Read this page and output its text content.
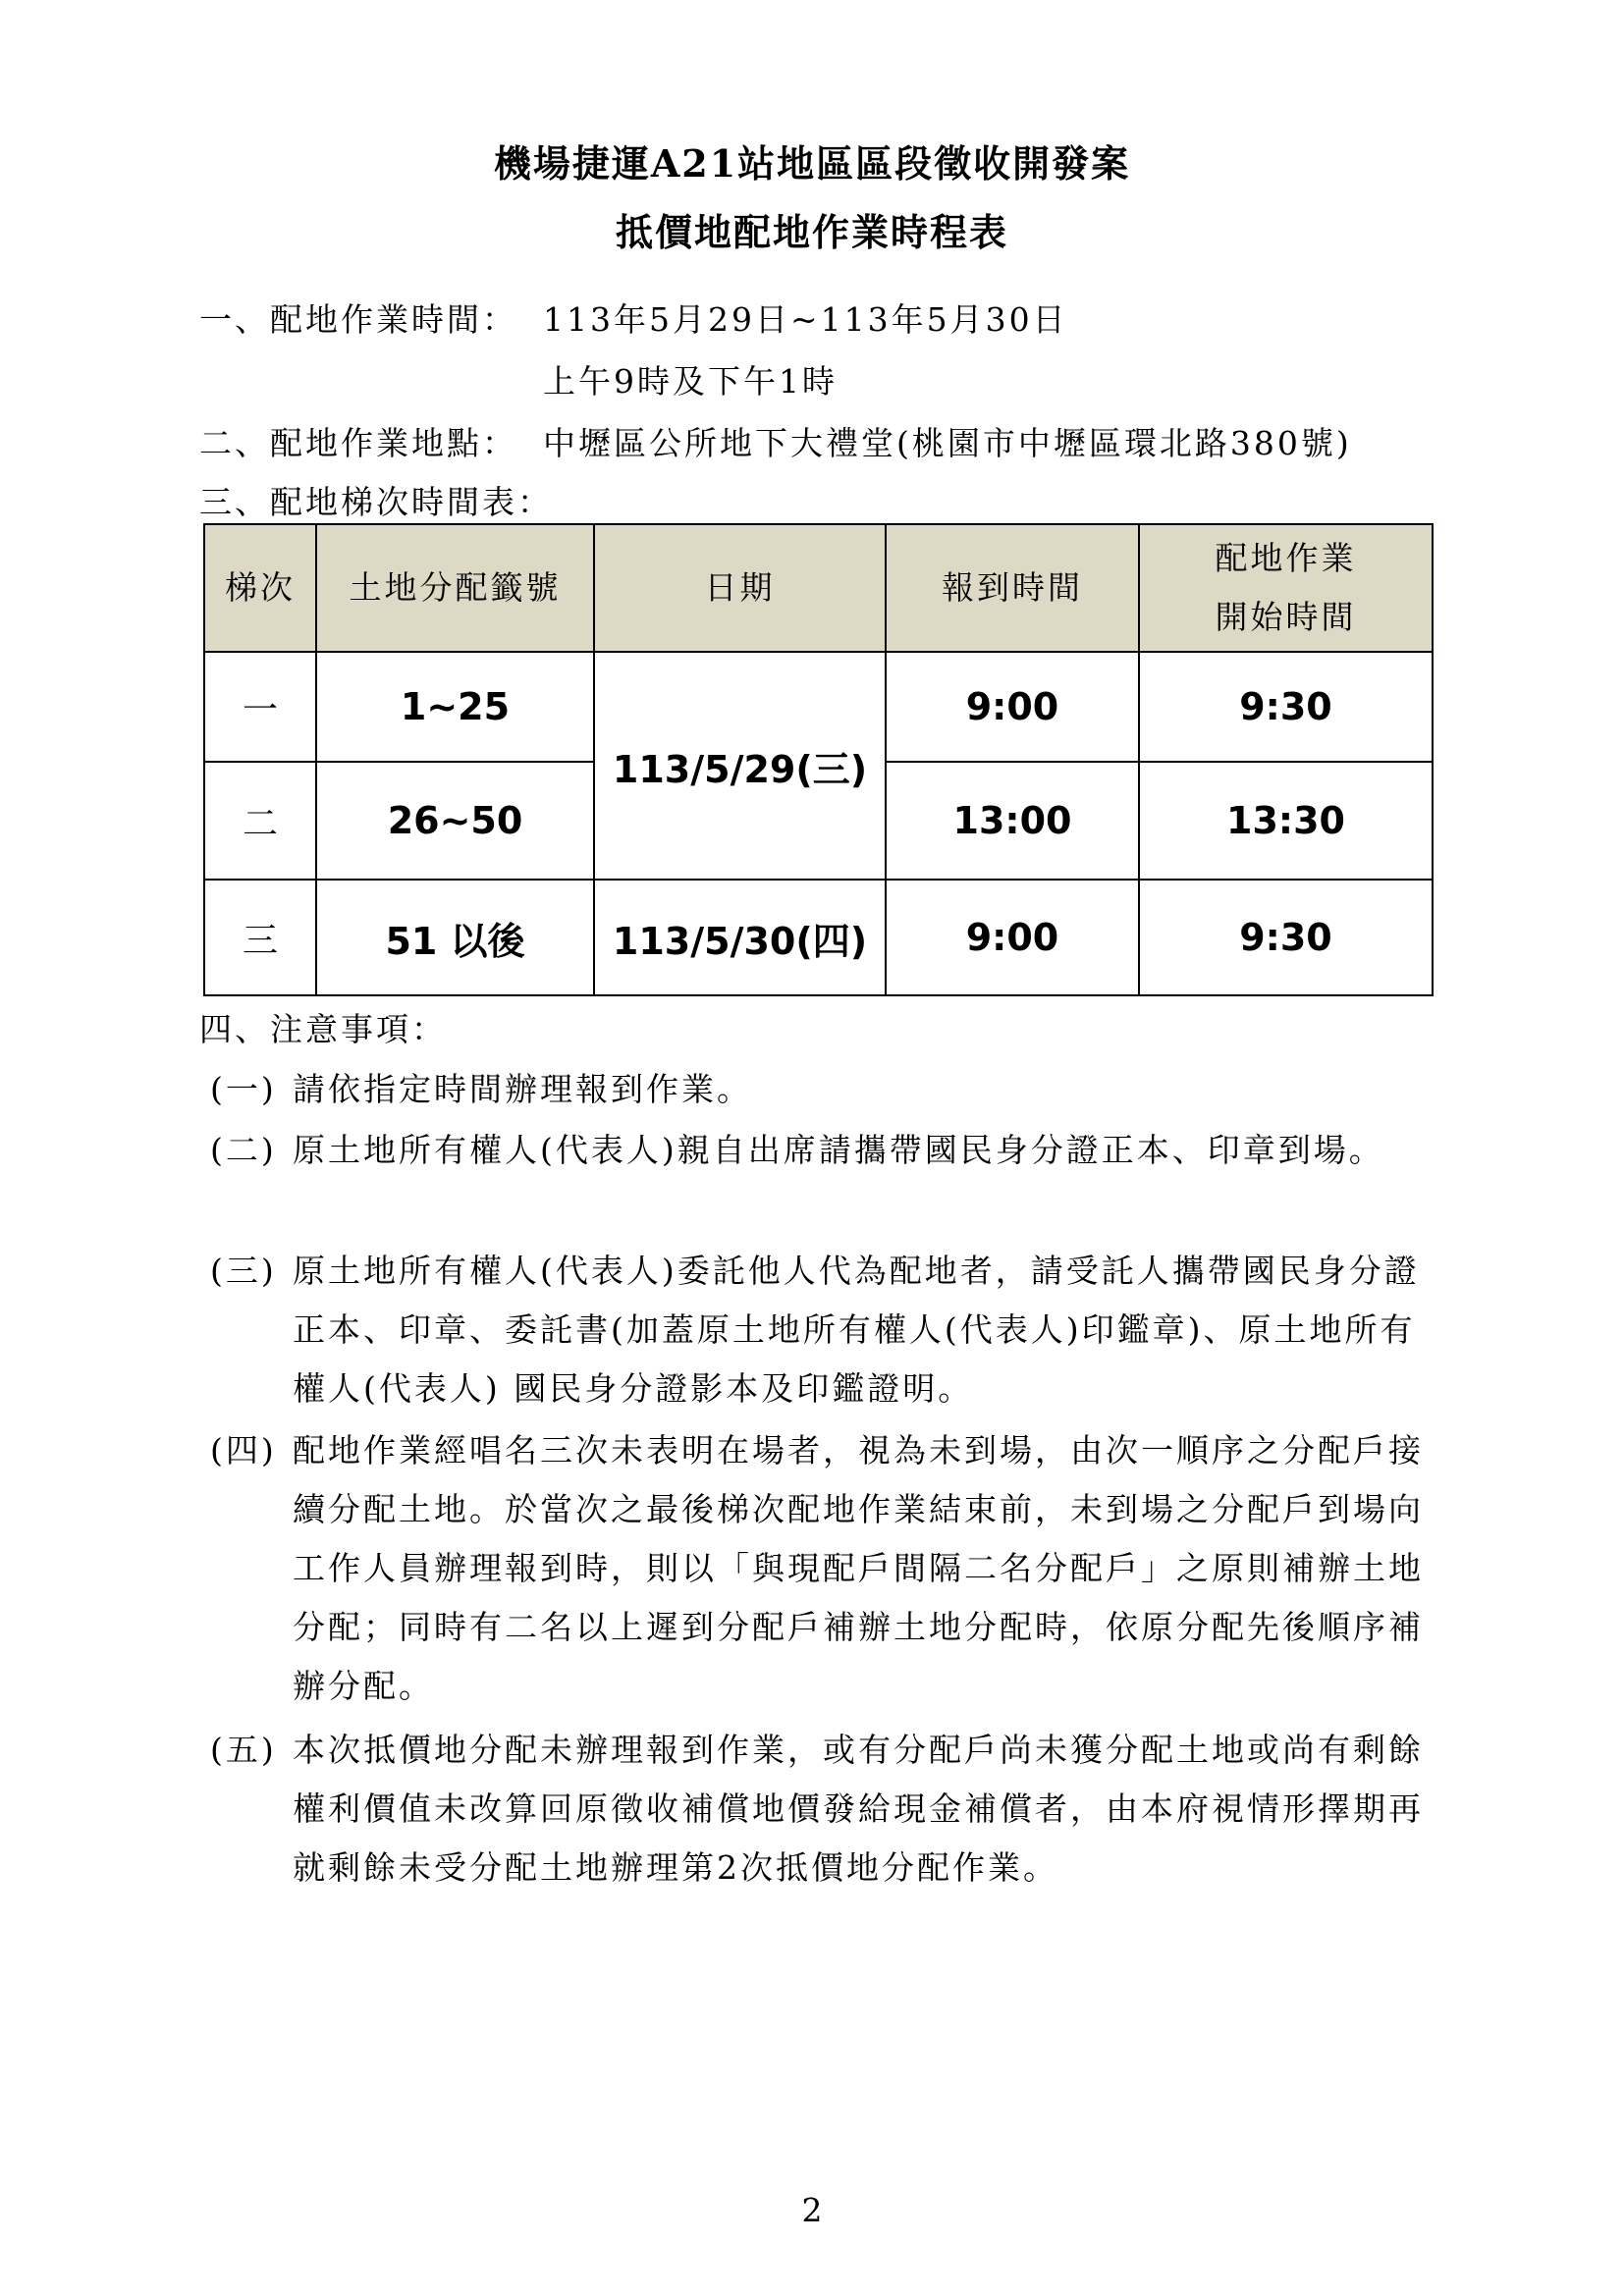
機場捷運A21站地區區段徵收開發案
抵價地配地作業時程表
一、配地作業時間： 113年5月29日~113年5月30日
上午9時及下午1時
二、配地作業地點： 中壢區公所地下大禮堂(桃園市中壢區環北路380號)
三、配地梯次時間表：
梯次	土地分配籤號	日期	報到時間	配地作業
開始時間

一	1~25	113/5/29(三)	9:00	9:30
二	26~50		13:00	13:30
三	51 以後	113/5/30(四)	9:00	9:30
四、注意事項：
(一) 請依指定時間辦理報到作業。
(二) 原土地所有權人(代表人)親自出席請攜帶國民身分證正本、印章到場。
(三) 原土地所有權人(代表人)委託他人代為配地者，請受託人攜帶國民身分證正本、印章、委託書(加蓋原土地所有權人(代表人)印鑑章)、原土地所有權人(代表人) 國民身分證影本及印鑑證明。
(四) 配地作業經唱名三次未表明在場者，視為未到場，由次一順序之分配戶接續分配土地。於當次之最後梯次配地作業結束前，未到場之分配戶到場向工作人員辦理報到時，則以「與現配戶間隔二名分配戶」之原則補辦土地分配；同時有二名以上遲到分配戶補辦土地分配時，依原分配先後順序補辦分配。
(五) 本次抵價地分配未辦理報到作業，或有分配戶尚未獲分配土地或尚有剩餘權利價值未改算回原徵收補償地價發給現金補償者，由本府視情形擇期再就剩餘未受分配土地辦理第2次抵價地分配作業。
2
